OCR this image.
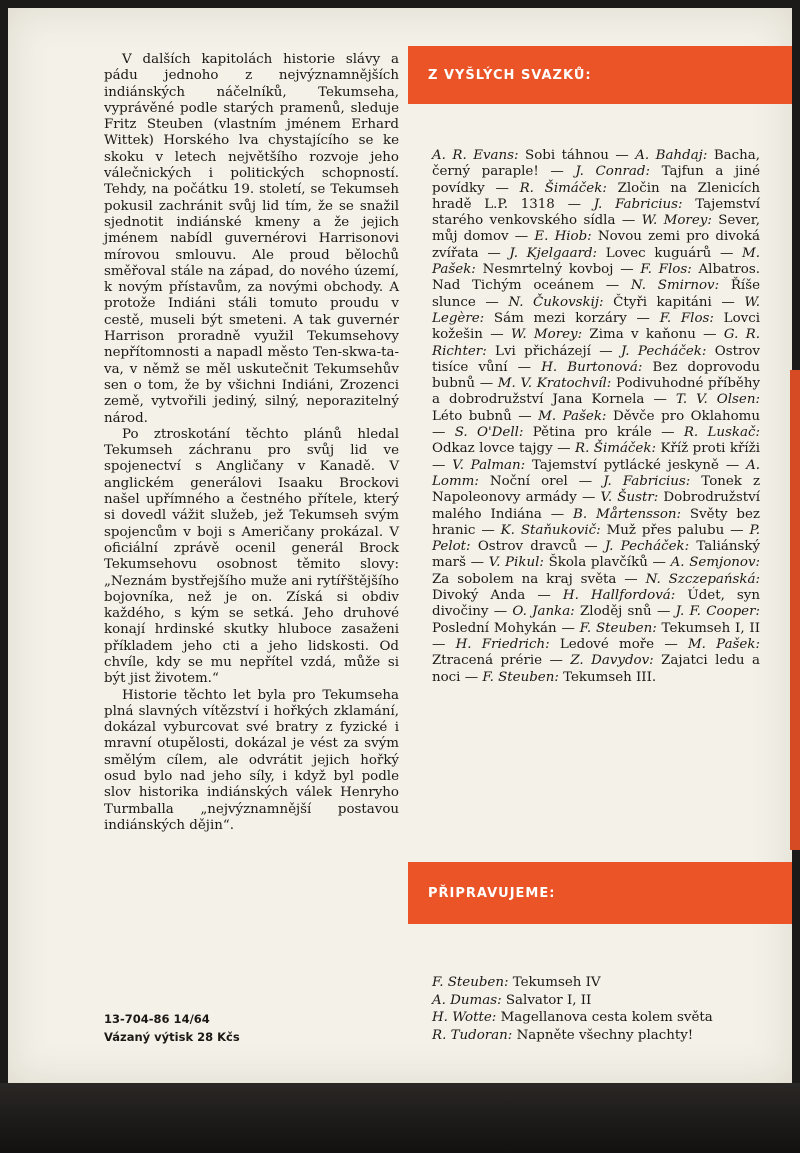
V dalších kapitolách historie slávy a pádu jednoho z nejvýznamnějších indiánských náčelníků, Tekumseha, vyprávěné podle starých pramenů, sleduje Fritz Steuben (vlastním jménem Erhard Wittek) Horského lva chystajícího se ke skoku v letech největšího rozvoje jeho válečnických i politických schopností. Tehdy, na počátku 19. století, se Tekumseh pokusil zachránit svůj lid tím, že se snažil sjednotit indiánské kmeny a že jejich jménem nabídl guvernérovi Harrisonovi mírovou smlouvu. Ale proud bělochů směřoval stále na západ, do nového území, k novým přístavům, za novými obchody. A protože Indiáni stáli tomuto proudu v cestě, museli být smeteni. A tak guvernér Harrison proradně využil Tekumsehovy nepřítomnosti a napadl město Ten-skwa-ta-va, v němž se měl uskutečnit Tekumsehův sen o tom, že by všichni Indiáni, Zrozenci země, vytvořili jediný, silný, neporazitelný národ.

Po ztroskotání těchto plánů hledal Tekumseh záchranu pro svůj lid ve spojenectví s Angličany v Kanadě. V anglickém generálovi Isaaku Brockovi našel upřímného a čestného přítele, který si dovedl vážit služeb, jež Tekumseh svým spojencům v boji s Američany prokázal. V oficiální zprávě ocenil generál Brock Tekumsehovu osobnost těmito slovy: „Neznám bystřejšího muže ani rytířštějšího bojovníka, než je on. Získá si obdiv každého, s kým se setká. Jeho druhové konají hrdinské skutky hluboce zasaženi příkladem jeho cti a jeho lidskosti. Od chvíle, kdy se mu nepřítel vzdá, může si být jist životem.“

Historie těchto let byla pro Tekumseha plná slavných vítězství i hořkých zklamání, dokázal vyburcovat své bratry z fyzické i mravní otupělosti, dokázal je vést za svým smělým cílem, ale odvrátit jejich hořký osud bylo nad jeho síly, i když byl podle slov historika indiánských válek Henryho Turmballa „nejvýznamnější postavou indiánských dějin“.

13-704-86 14/64
Vázaný výtisk 28 Kčs
Z VYŠLÝCH SVAZKŮ:
A. R. Evans: Sobi táhnou — A. Bahdaj: Bacha, černý paraple! — J. Conrad: Tajfun a jiné povídky — R. Šimáček: Zločin na Zlenicích hradě L.P. 1318 — J. Fabricius: Tajemství starého venkovského sídla — W. Morey: Sever, můj domov — E. Hiob: Novou zemi pro divoká zvířata — J. Kjelgaard: Lovec kuguárů — M. Pašek: Nesmrtelný kovboj — F. Flos: Albatros. Nad Tichým oceánem — N. Smirnov: Říše slunce — N. Čukovskij: Čtyři kapitáni — W. Legère: Sám mezi korzáry — F. Flos: Lovci kožešin — W. Morey: Zima v kaňonu — G. R. Richter: Lvi přicházejí — J. Pecháček: Ostrov tisíce vůní — H. Burtonová: Bez doprovodu bubnů — M. V. Kratochvíl: Podivuhodné příběhy a dobrodružství Jana Kornela — T. V. Olsen: Léto bubnů — M. Pašek: Děvče pro Oklahomu — S. O'Dell: Pětina pro krále — R. Luskač: Odkaz lovce tajgy — R. Šimáček: Kříž proti kříži — V. Palman: Tajemství pytlácké jeskyně — A. Lomm: Noční orel — J. Fabricius: Tonek z Napoleonovy armády — V. Šustr: Dobrodružství malého Indiána — B. Mårtensson: Světy bez hranic — K. Staňukovič: Muž přes palubu — P. Pelot: Ostrov dravců — J. Pecháček: Taliánský marš — V. Pikul: Škola plavčíků — A. Semjonov: Za sobolem na kraj světa — N. Szczepańská: Divoký Anda — H. Hallfordová: Údet, syn divočiny — O. Janka: Zloděj snů — J. F. Cooper: Poslední Mohykán — F. Steuben: Tekumseh I, II — H. Friedrich: Ledové moře — M. Pašek: Ztracená prérie — Z. Davydov: Zajatci ledu a noci — F. Steuben: Tekumseh III.
PŘIPRAVUJEME:
F. Steuben: Tekumseh IV
A. Dumas: Salvator I, II
H. Wotte: Magellanova cesta kolem světa
R. Tudoran: Napněte všechny plachty!
